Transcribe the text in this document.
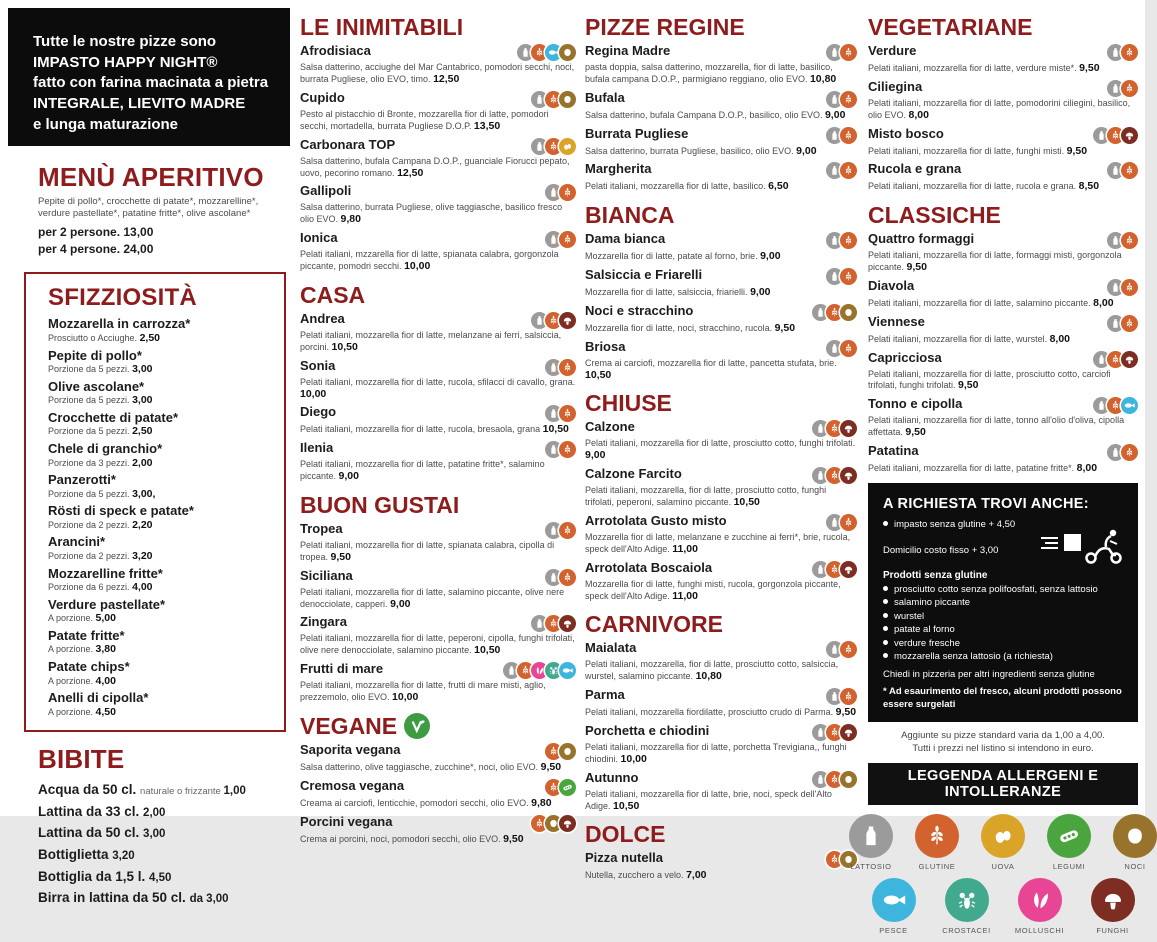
Tutte le nostre pizze sono
IMPASTO HAPPY NIGHT®
fatto con farina macinata a pietra
INTEGRALE, LIEVITO MADRE
e lunga maturazione
MENÙ APERITIVO

Pepite di pollo*, crocchette di patate*, mozzarelline*, verdure pastellate*, patatine fritte*, olive ascolane*

per 2 persone. 13,00
per 4 persone. 24,00
SFIZZIOSITÀ
Mozzarella in carrozza*
Prosciutto o Acciughe. 2,50
Pepite di pollo*
Porzione da 5 pezzi. 3,00
Olive ascolane*
Porzione da 5 pezzi. 3,00
Crocchette di patate*
Porzione da 5 pezzi. 2,50
Chele di granchio*
Porzione da 3 pezzi. 2,00
Panzerotti*
Porzione da 5 pezzi. 3,00,
Rösti di speck e patate*
Porzione da 2 pezzi. 2,20
Arancini*
Porzione da 2 pezzi. 3,20
Mozzarelline fritte*
Porzione da 6 pezzi. 4,00
Verdure pastellate*
A porzione. 5,00
Patate fritte*
A porzione. 3,80
Patate chips*
A porzione. 4,00
Anelli di cipolla*
A porzione. 4,50
BIBITE
Acqua da 50 cl. naturale o frizzante 1,00
Lattina da 33 cl. 2,00
Lattina da 50 cl. 3,00
Bottiglietta 3,20
Bottiglia da 1,5 l. 4,50
Birra in lattina da 50 cl. da 3,00
LE INIMITABILI
Afrodisiaca
Salsa datterino, acciughe del Mar Cantabrico, pomodori secchi, noci, burrata Pugliese, olio EVO, timo. 12,50
Cupido
Pesto al pistacchio di Bronte, mozzarella fior di latte, pomodori secchi, mortadella, burrata Pugliese D.O.P. 13,50
Carbonara TOP
Salsa datterino, bufala Campana D.O.P., guanciale Fiorucci pepato, uovo, pecorino romano. 12,50
Gallipoli
Salsa datterino, burrata Pugliese, olive taggiasche, basilico fresco olio EVO. 9,80
Ionica
Pelati italiani, mzzarella fior di latte, spianata calabra, gorgonzola piccante, pomodri secchi. 10,00
CASA
Andrea
Pelati italiani, mozzarella fior di latte, melanzane ai ferri, salsiccia, porcini. 10,50
Sonia
Pelati italiani, mozzarella fior di latte, rucola, sfilacci di cavallo, grana. 10,00
Diego
Pelati italiani, mozzarella fior di latte, rucola, bresaola, grana 10,50
Ilenia
Pelati italiani, mozzarella fior di latte, patatine fritte*, salamino piccante. 9,00
BUON GUSTAI
Tropea
Pelati italiani, mozzarella fior di latte, spianata calabra, cipolla di tropea. 9,50
Siciliana
Pelati italiani, mozzarella fior di latte, salamino piccante, olive nere denocciolate, capperi. 9,00
Zingara
Pelati italiani, mozzarella fior di latte, peperoni, cipolla, funghi trifolati, olive nere denocciolate, salamino piccante. 10,50
Frutti di mare
Pelati italiani, mozzarella fior di latte, frutti di mare misti, aglio, prezzemolo, olio EVO. 10,00
VEGANE
Saporita vegana
Salsa datterino, olive taggiasche, zucchine*, noci, olio EVO. 9,50
Cremosa vegana
Creama ai carciofi, lenticchie, pomodori secchi, olio EVO. 9,80
Porcini vegana
Crema ai porcini, noci, pomodori secchi, olio EVO. 9,50
PIZZE REGINE
Regina Madre
pasta doppia, salsa datterino, mozzarella, fior di latte, basilico, bufala campana D.O.P., parmigiano reggiano, olio EVO. 10,80
Bufala
Salsa datterino, bufala Campana D.O.P., basilico, olio EVO. 9,00
Burrata Pugliese
Salsa datterino, burrata Pugliese, basilico, olio EVO. 9,00
Margherita
Pelati italiani, mozzarella fior di latte, basilico. 6,50
BIANCA
Dama bianca
Mozzarella fior di latte, patate al forno, brie. 9,00
Salsiccia e Friarelli
Mozzarella fior di latte, salsiccia, friarielli. 9,00
Noci e stracchino
Mozzarella fior di latte, noci, stracchino, rucola. 9,50
Briosa
Crema ai carciofi, mozzarella fior di latte, pancetta stufata, brie. 10,50
CHIUSE
Calzone
Pelati italiani, mozzarella fior di latte, prosciutto cotto, funghi trifolati. 9,00
Calzone Farcito
Pelati italiani, mozzarella, fior di latte, prosciutto cotto, funghi trifolati, peperoni, salamino piccante. 10,50
Arrotolata Gusto misto
Mozzarella fior di latte, melanzane e zucchine ai ferri*, brie, rucola, speck dell'Alto Adige. 11,00
Arrotolata Boscaiola
Mozzarella fior di latte, funghi misti, rucola, gorgonzola piccante, speck dell'Alto Adige. 11,00
CARNIVORE
Maialata
Pelati italiani, mozzarella, fior di latte, prosciutto cotto, salsiccia, wurstel, salamino piccante. 10,80
Parma
Pelati italiani, mozzarella fiordilatte, prosciutto crudo di Parma. 9,50
Porchetta e chiodini
Pelati italiani, mozzarella fior di latte, porchetta Trevigiana,, funghi chiodini. 10,00
Autunno
Pelati italiani, mozzarella fior di latte, brie, noci, speck dell'Alto Adige. 10,50
DOLCE
Pizza nutella
Nutella, zucchero a velo. 7,00
VEGETARIANE
Verdure
Pelati italiani, mozzarella fior di latte, verdure miste*. 9,50
Ciliegina
Pelati italiani, mozzarella fior di latte, pomodorini ciliegini, basilico, olio EVO. 8,00
Misto bosco
Pelati italiani, mozzarella fior di latte, funghi misti. 9,50
Rucola e grana
Pelati italiani, mozzarella fior di latte, rucola e grana. 8,50
CLASSICHE
Quattro formaggi
Pelati italiani, mozzarella fior di latte, formaggi misti, gorgonzola piccante. 9,50
Diavola
Pelati italiani, mozzarella fior di latte, salamino piccante. 8,00
Viennese
Pelati italiani, mozzarella fior di latte, wurstel. 8,00
Capricciosa
Pelati italiani, mozzarella fior di latte, prosciutto cotto, carciofi trifolati, funghi trifolati. 9,50
Tonno e cipolla
Pelati italiani, mozzarella fior di latte, tonno all'olio d'oliva, cipolla affettata. 9,50
Patatina
Pelati italiani, mozzarella fior di latte, patatine fritte*. 8,00
A RICHIESTA TROVI ANCHE:
impasto senza glutine + 4,50
Domicilio costo fisso + 3,00
Prodotti senza glutine
prosciutto cotto senza polifoosfati, senza lattosio
salamino piccante
wurstel
patate al forno
verdure fresche
mozzarella senza lattosio (a richiesta)
Chiedi in pizzeria per altri ingredienti senza glutine
* Ad esaurimento del fresco, alcuni prodotti possono essere surgelati
Aggiunte su pizze standard varia da 1,00 a 4,00.
Tutti i prezzi nel listino si intendono in euro.
LEGGENDA ALLERGENI E INTOLLERANZE
LATTOSIO	GLUTINE	UOVA	LEGUMI	NOCI
PESCE	CROSTACEI	MOLLUSCHI	FUNGHI
